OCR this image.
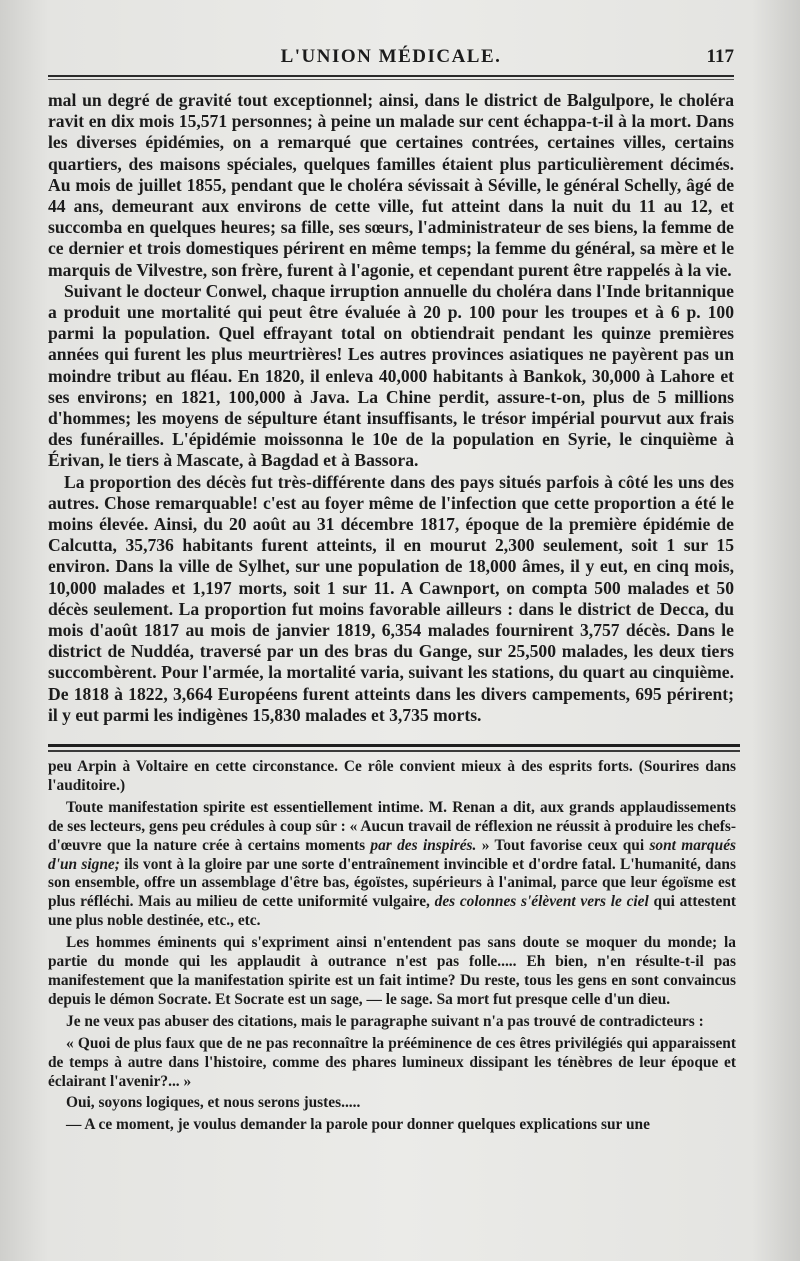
L'UNION MÉDICALE.	117

mal un degré de gravité tout exceptionnel; ainsi, dans le district de Balgulpore, le choléra ravit en dix mois 15,571 personnes; à peine un malade sur cent échappa-t-il à la mort. Dans les diverses épidémies, on a remarqué que certaines contrées, certaines villes, certains quartiers, des maisons spéciales, quelques familles étaient plus particulièrement décimés. Au mois de juillet 1855, pendant que le choléra sévissait à Séville, le général Schelly, âgé de 44 ans, demeurant aux environs de cette ville, fut atteint dans la nuit du 11 au 12, et succomba en quelques heures; sa fille, ses sœurs, l'administrateur de ses biens, la femme de ce dernier et trois domestiques périrent en même temps; la femme du général, sa mère et le marquis de Vilvestre, son frère, furent à l'agonie, et cependant purent être rappelés à la vie.

Suivant le docteur Conwel, chaque irruption annuelle du choléra dans l'Inde britannique a produit une mortalité qui peut être évaluée à 20 p. 100 pour les troupes et à 6 p. 100 parmi la population. Quel effrayant total on obtiendrait pendant les quinze premières années qui furent les plus meurtrières! Les autres provinces asiatiques ne payèrent pas un moindre tribut au fléau. En 1820, il enleva 40,000 habitants à Bankok, 30,000 à Lahore et ses environs; en 1821, 100,000 à Java. La Chine perdit, assure-t-on, plus de 5 millions d'hommes; les moyens de sépulture étant insuffisants, le trésor impérial pourvut aux frais des funérailles. L'épidémie moissonna le 10e de la population en Syrie, le cinquième à Érivan, le tiers à Mascate, à Bagdad et à Bassora.

La proportion des décès fut très-différente dans des pays situés parfois à côté les uns des autres. Chose remarquable! c'est au foyer même de l'infection que cette proportion a été le moins élevée. Ainsi, du 20 août au 31 décembre 1817, époque de la première épidémie de Calcutta, 35,736 habitants furent atteints, il en mourut 2,300 seulement, soit 1 sur 15 environ. Dans la ville de Sylhet, sur une population de 18,000 âmes, il y eut, en cinq mois, 10,000 malades et 1,197 morts, soit 1 sur 11. A Cawnport, on compta 500 malades et 50 décès seulement. La proportion fut moins favorable ailleurs : dans le district de Decca, du mois d'août 1817 au mois de janvier 1819, 6,354 malades fournirent 3,757 décès. Dans le district de Nuddéa, traversé par un des bras du Gange, sur 25,500 malades, les deux tiers succombèrent. Pour l'armée, la mortalité varia, suivant les stations, du quart au cinquième. De 1818 à 1822, 3,664 Européens furent atteints dans les divers campements, 695 périrent; il y eut parmi les indigènes 15,830 malades et 3,735 morts.

peu Arpin à Voltaire en cette circonstance. Ce rôle convient mieux à des esprits forts. (Sourires dans l'auditoire.)

Toute manifestation spirite est essentiellement intime. M. Renan a dit, aux grands applaudissements de ses lecteurs, gens peu crédules à coup sûr : « Aucun travail de réflexion ne réussit à produire les chefs-d'œuvre que la nature crée à certains moments par des inspirés. » Tout favorise ceux qui sont marqués d'un signe; ils vont à la gloire par une sorte d'entraînement invincible et d'ordre fatal. L'humanité, dans son ensemble, offre un assemblage d'être bas, égoïstes, supérieurs à l'animal, parce que leur égoïsme est plus réfléchi. Mais au milieu de cette uniformité vulgaire, des colonnes s'élèvent vers le ciel qui attestent une plus noble destinée, etc., etc.

Les hommes éminents qui s'expriment ainsi n'entendent pas sans doute se moquer du monde; la partie du monde qui les applaudit à outrance n'est pas folle..... Eh bien, n'en résulte-t-il pas manifestement que la manifestation spirite est un fait intime? Du reste, tous les gens en sont convaincus depuis le démon Socrate. Et Socrate est un sage, — le sage. Sa mort fut presque celle d'un dieu.

Je ne veux pas abuser des citations, mais le paragraphe suivant n'a pas trouvé de contradicteurs :

« Quoi de plus faux que de ne pas reconnaître la prééminence de ces êtres privilégiés qui apparaissent de temps à autre dans l'histoire, comme des phares lumineux dissipant les ténèbres de leur époque et éclairant l'avenir?... »

Oui, soyons logiques, et nous serons justes.....

— A ce moment, je voulus demander la parole pour donner quelques explications sur une
